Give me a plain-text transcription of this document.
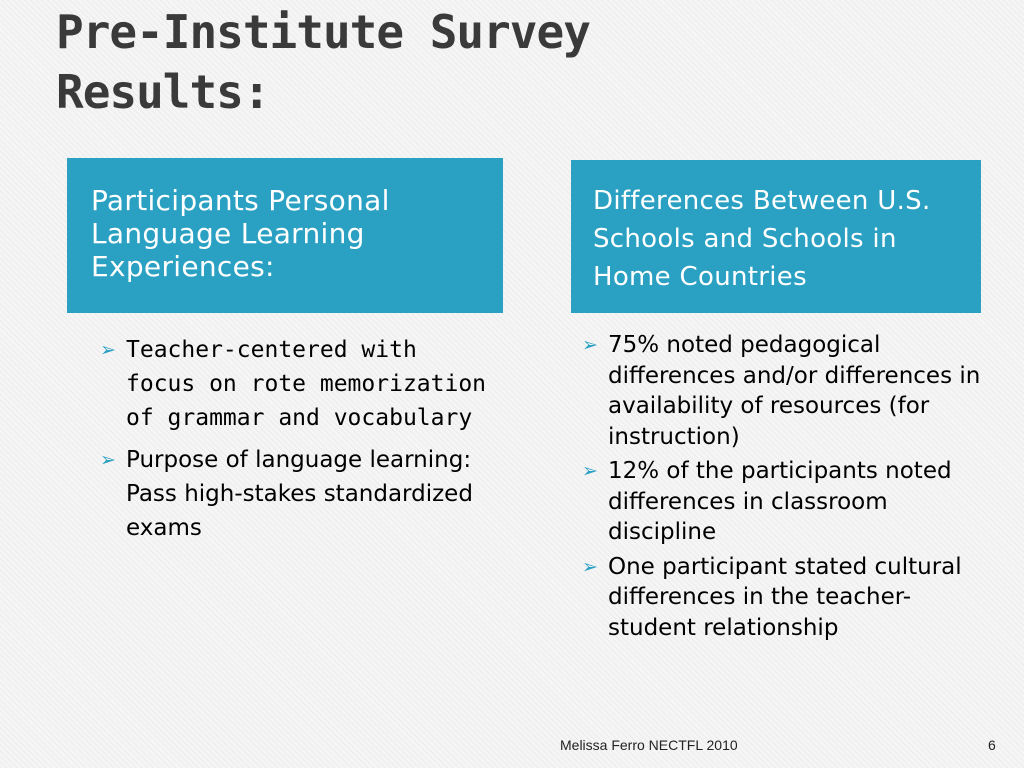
Pre-Institute Survey
Results:
Participants Personal Language Learning Experiences:
Differences Between U.S. Schools and Schools in Home Countries
➢ Teacher-centered with focus on rote memorization of grammar and vocabulary
➢ Purpose of language learning: Pass high-stakes standardized exams
➢ 75% noted pedagogical differences and/or differences in availability of resources (for instruction)
➢ 12% of the participants noted differences in classroom discipline
➢ One participant stated cultural differences in the teacher-student relationship
Melissa Ferro NECTFL 2010	6
